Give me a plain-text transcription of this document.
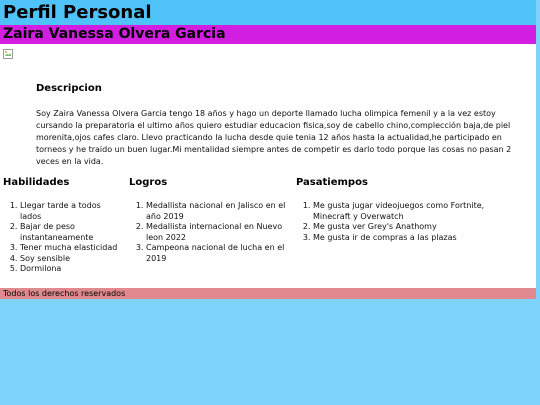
Perfil Personal
Zaira Vanessa Olvera Garcia
Descripcion

Soy Zaira Vanessa Olvera Garcia tengo 18 años y hago un deporte llamado lucha olimpica femenil y a la vez estoy cursando la preparatoria el ultimo años quiero estudiar educacion fisica,soy de cabello chino,complección baja,de piel morenita,ojos cafes claro. Llevo practicando la lucha desde quie tenia 12 años hasta la actualidad,he participado en torneos y he traido un buen lugar.Mi mentalidad siempre antes de competir es darlo todo porque las cosas no pasan 2 veces en la vida.

Habilidades
1. Llegar tarde a todos lados
2. Bajar de peso instantaneamente
3. Tener mucha elasticidad
4. Soy sensible
5. Dormilona
Logros
1. Medallista nacional en Jalisco en el año 2019
2. Medallista internacional en Nuevo leon 2022
3. Campeona nacional de lucha en el 2019
Pasatiempos
1. Me gusta jugar videojuegos como Fortnite, Minecraft y Overwatch
2. Me gusta ver Grey's Anathomy
3. Me gusta ir de compras a las plazas
Todos los derechos reservados
